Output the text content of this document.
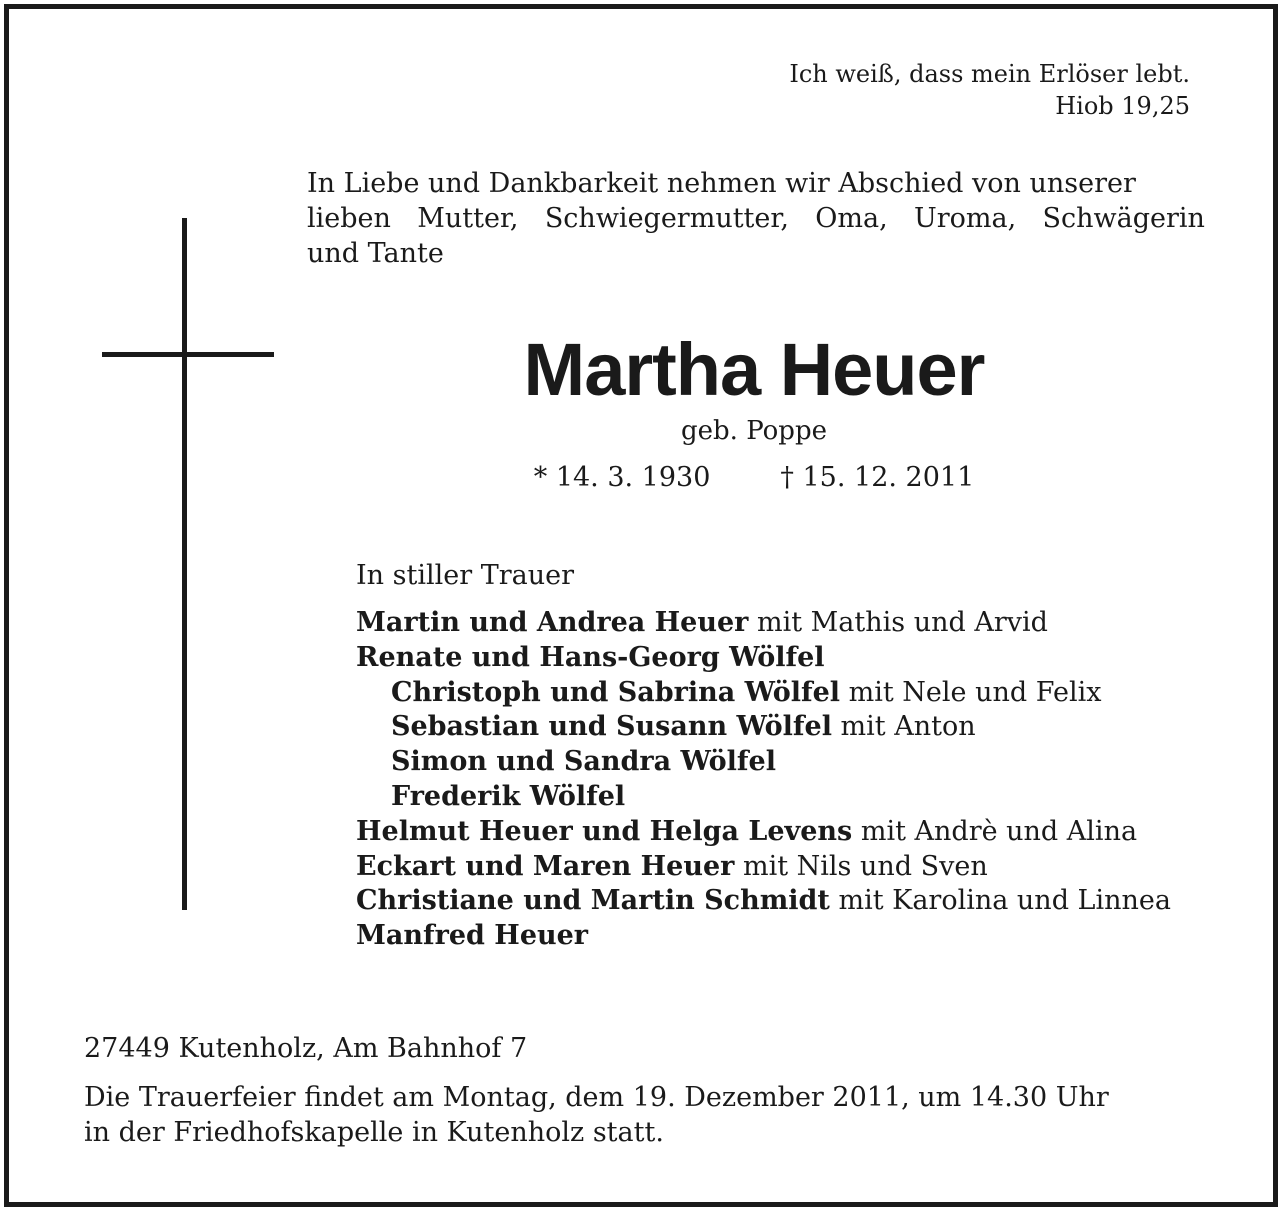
Ich weiß, dass mein Erlöser lebt.
Hiob 19,25
In Liebe und Dankbarkeit nehmen wir Abschied von unserer
lieben Mutter, Schwiegermutter, Oma, Uroma, Schwägerin
und Tante
Martha Heuer
geb. Poppe
* 14. 3. 1930	† 15. 12. 2011
In stiller Trauer
Martin und Andrea Heuer mit Mathis und Arvid
Renate und Hans-Georg Wölfel
Christoph und Sabrina Wölfel mit Nele und Felix
Sebastian und Susann Wölfel mit Anton
Simon und Sandra Wölfel
Frederik Wölfel
Helmut Heuer und Helga Levens mit Andrè und Alina
Eckart und Maren Heuer mit Nils und Sven
Christiane und Martin Schmidt mit Karolina und Linnea
Manfred Heuer
27449 Kutenholz, Am Bahnhof 7
Die Trauerfeier findet am Montag, dem 19. Dezember 2011, um 14.30 Uhr
in der Friedhofskapelle in Kutenholz statt.
